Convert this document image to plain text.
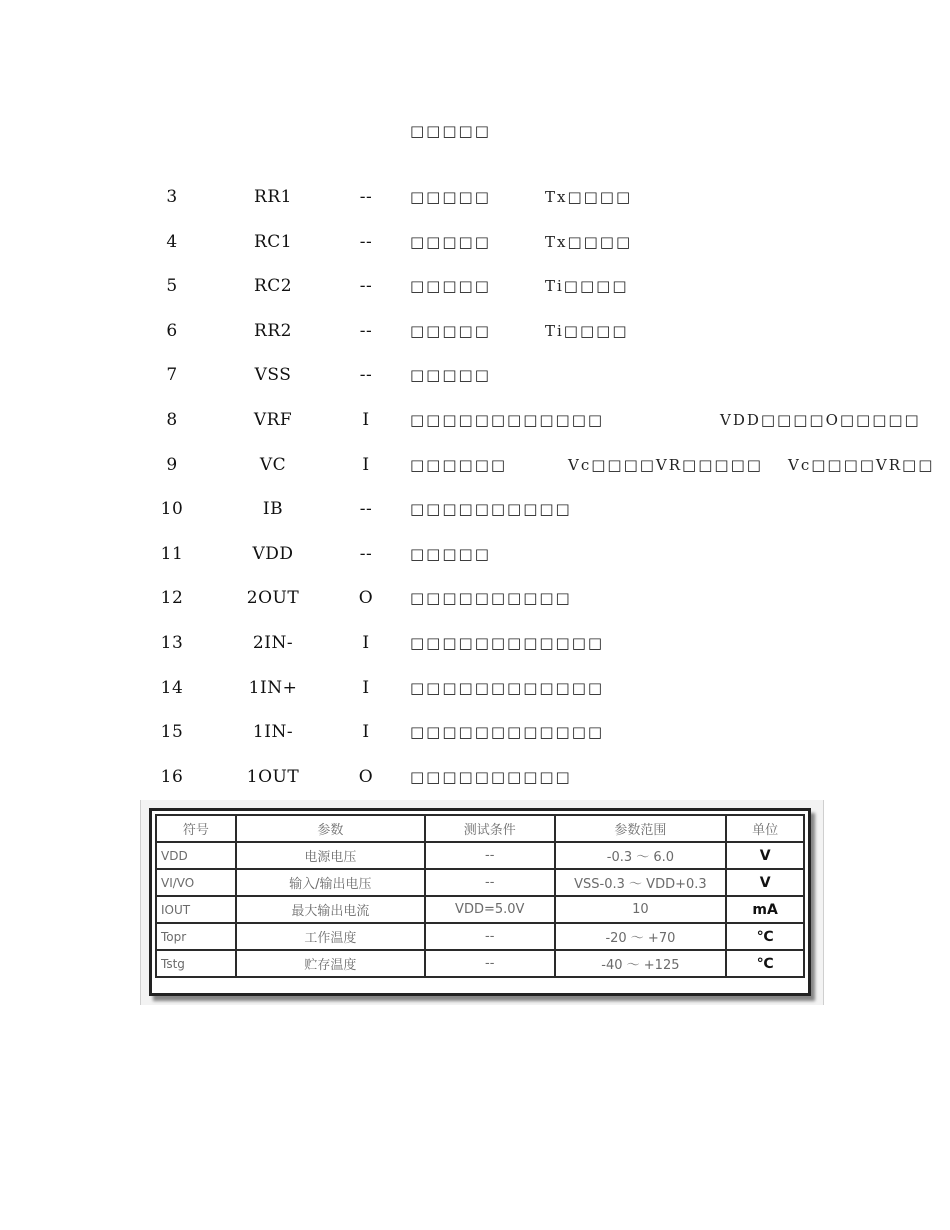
□□□□□
3	RR1	--	□□□□□	Tx□□□□
4	RC1	--	□□□□□	Tx□□□□
5	RC2	--	□□□□□	Ti□□□□
6	RR2	--	□□□□□	Ti□□□□
7	VSS	--	□□□□□
8	VRF	I	□□□□□□□□□□□□	VDD□□□□O□□□□□
9	VC	I	□□□□□□	Vc□□□□VR□□□□□ Vc□□□□VR□□
10	IB	--	□□□□□□□□□□
11	VDD	--	□□□□□
12	2OUT	O	□□□□□□□□□□
13	2IN-	I	□□□□□□□□□□□□
14	1IN+	I	□□□□□□□□□□□□
15	1IN-	I	□□□□□□□□□□□□
16	1OUT	O	□□□□□□□□□□
符号	参数	测试条件	参数范围	单位
VDD	电源电压	--	-0.3 ～ 6.0	V
VI/VO	输入/输出电压	--	VSS-0.3 ～ VDD+0.3	V
IOUT	最大输出电流	VDD=5.0V	10	mA
Topr	工作温度	--	-20 ～ +70	℃
Tstg	贮存温度	--	-40 ～ +125	℃
